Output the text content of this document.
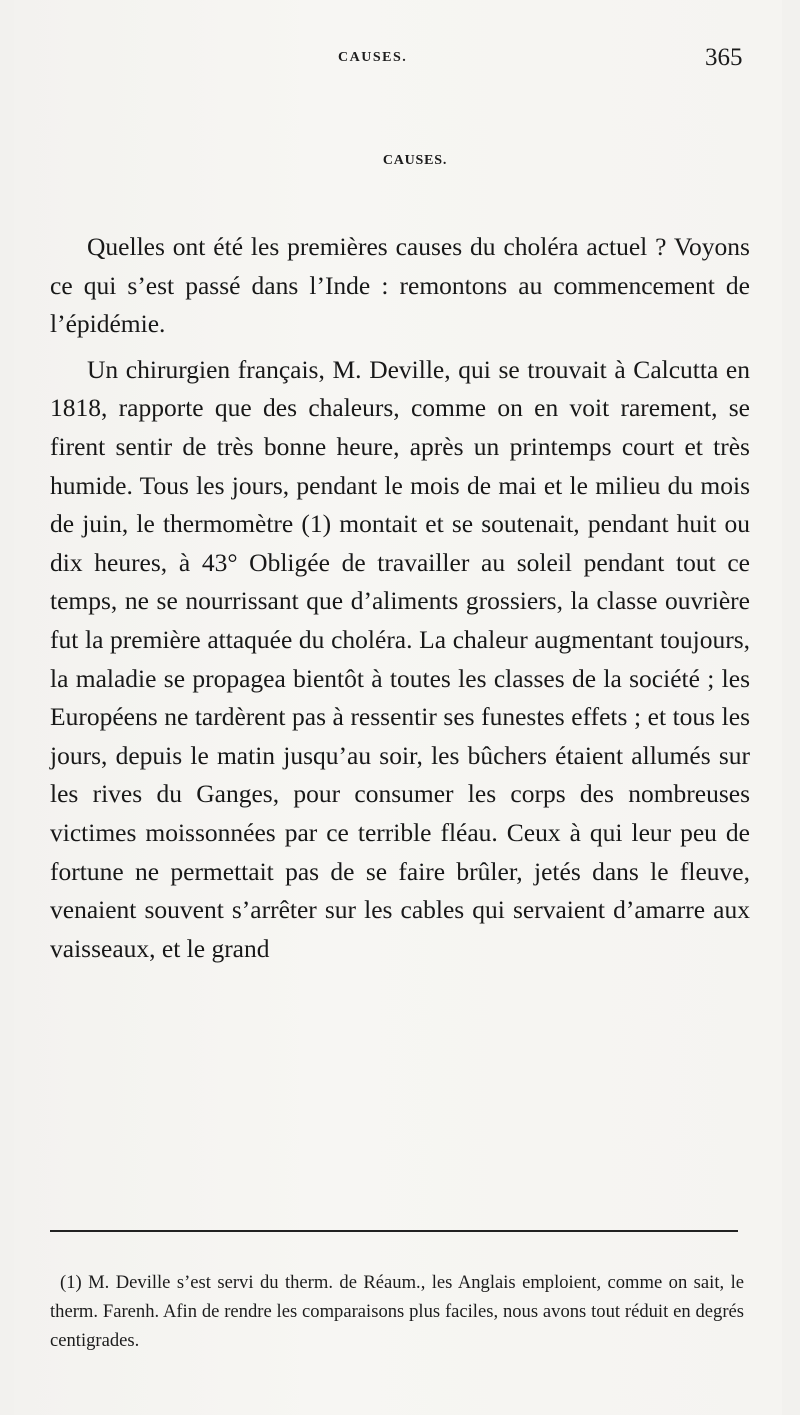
CAUSES.	365
CAUSES.

Quelles ont été les premières causes du choléra actuel ? Voyons ce qui s’est passé dans l’Inde : remontons au commencement de l’épidémie.

Un chirurgien français, M. Deville, qui se trouvait à Calcutta en 1818, rapporte que des chaleurs, comme on en voit rarement, se firent sentir de très bonne heure, après un printemps court et très humide. Tous les jours, pendant le mois de mai et le milieu du mois de juin, le thermomètre (1) montait et se soutenait, pendant huit ou dix heures, à 43° Obligée de travailler au soleil pendant tout ce temps, ne se nourrissant que d’aliments grossiers, la classe ouvrière fut la première attaquée du choléra. La chaleur augmentant toujours, la maladie se propagea bientôt à toutes les classes de la société ; les Européens ne tardèrent pas à ressentir ses funestes effets ; et tous les jours, depuis le matin jusqu’au soir, les bûchers étaient allumés sur les rives du Ganges, pour consumer les corps des nombreuses victimes moissonnées par ce terrible fléau. Ceux à qui leur peu de fortune ne permettait pas de se faire brûler, jetés dans le fleuve, venaient souvent s’arrêter sur les cables qui servaient d’amarre aux vaisseaux, et le grand

(1) M. Deville s’est servi du therm. de Réaum., les Anglais emploient, comme on sait, le therm. Farenh. Afin de rendre les comparaisons plus faciles, nous avons tout réduit en degrés centigrades.
